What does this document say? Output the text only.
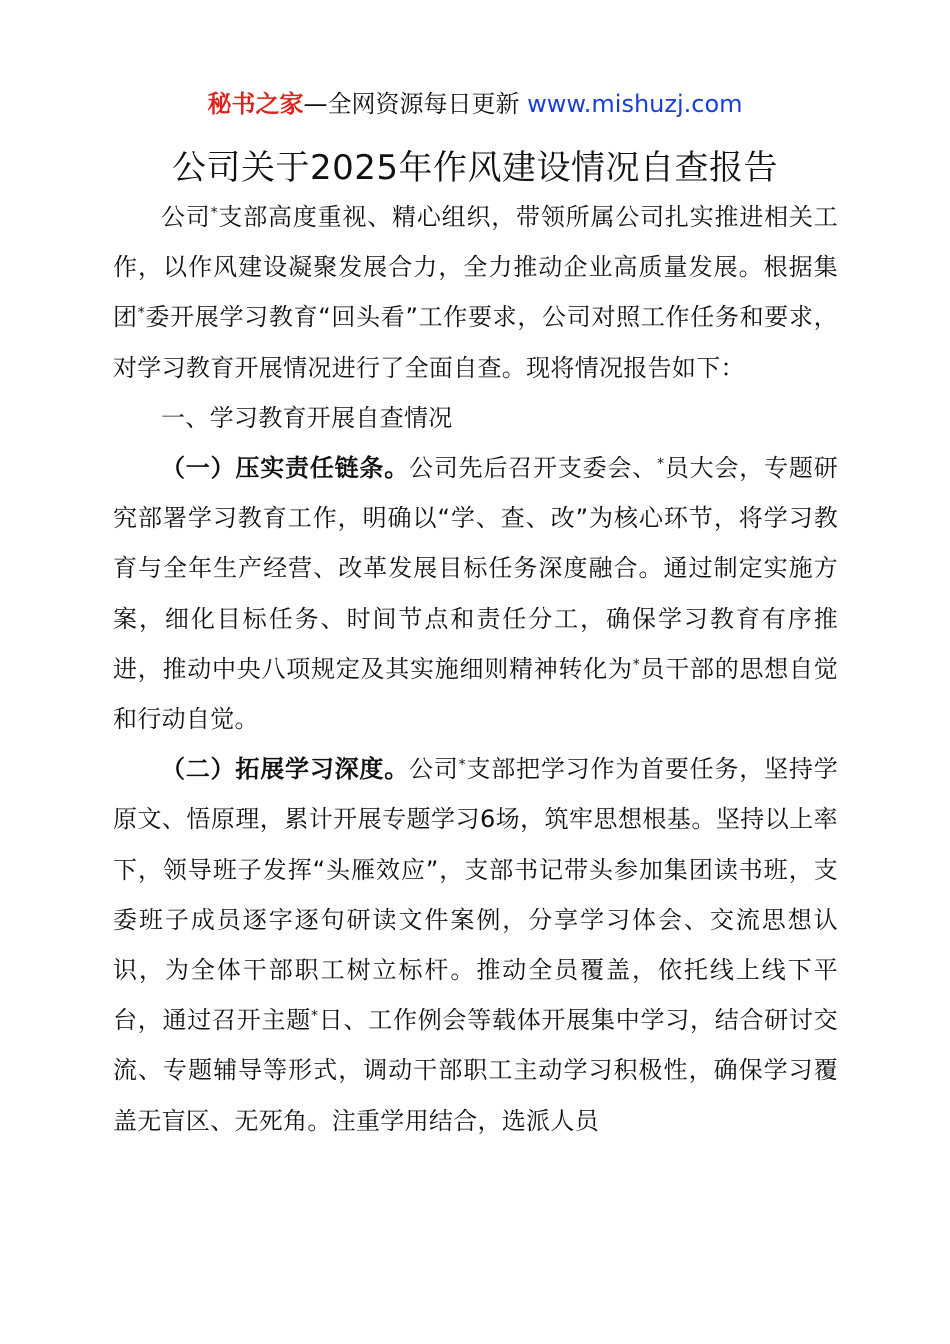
秘书之家—全网资源每日更新 www.mishuzj.com
公司关于2025年作风建设情况自查报告

公司*支部高度重视、精心组织，带领所属公司扎实推进相关工作，以作风建设凝聚发展合力，全力推动企业高质量发展。根据集团*委开展学习教育“回头看”工作要求，公司对照工作任务和要求，对学习教育开展情况进行了全面自查。现将情况报告如下：

一、学习教育开展自查情况

（一）压实责任链条。公司先后召开支委会、*员大会，专题研究部署学习教育工作，明确以“学、查、改”为核心环节，将学习教育与全年生产经营、改革发展目标任务深度融合。通过制定实施方案，细化目标任务、时间节点和责任分工，确保学习教育有序推进，推动中央八项规定及其实施细则精神转化为*员干部的思想自觉和行动自觉。

（二）拓展学习深度。公司*支部把学习作为首要任务，坚持学原文、悟原理，累计开展专题学习6场，筑牢思想根基。坚持以上率下，领导班子发挥“头雁效应”，支部书记带头参加集团读书班，支委班子成员逐字逐句研读文件案例，分享学习体会、交流思想认识，为全体干部职工树立标杆。推动全员覆盖，依托线上线下平台，通过召开主题*日、工作例会等载体开展集中学习，结合研讨交流、专题辅导等形式，调动干部职工主动学习积极性，确保学习覆盖无盲区、无死角。注重学用结合，选派人员
